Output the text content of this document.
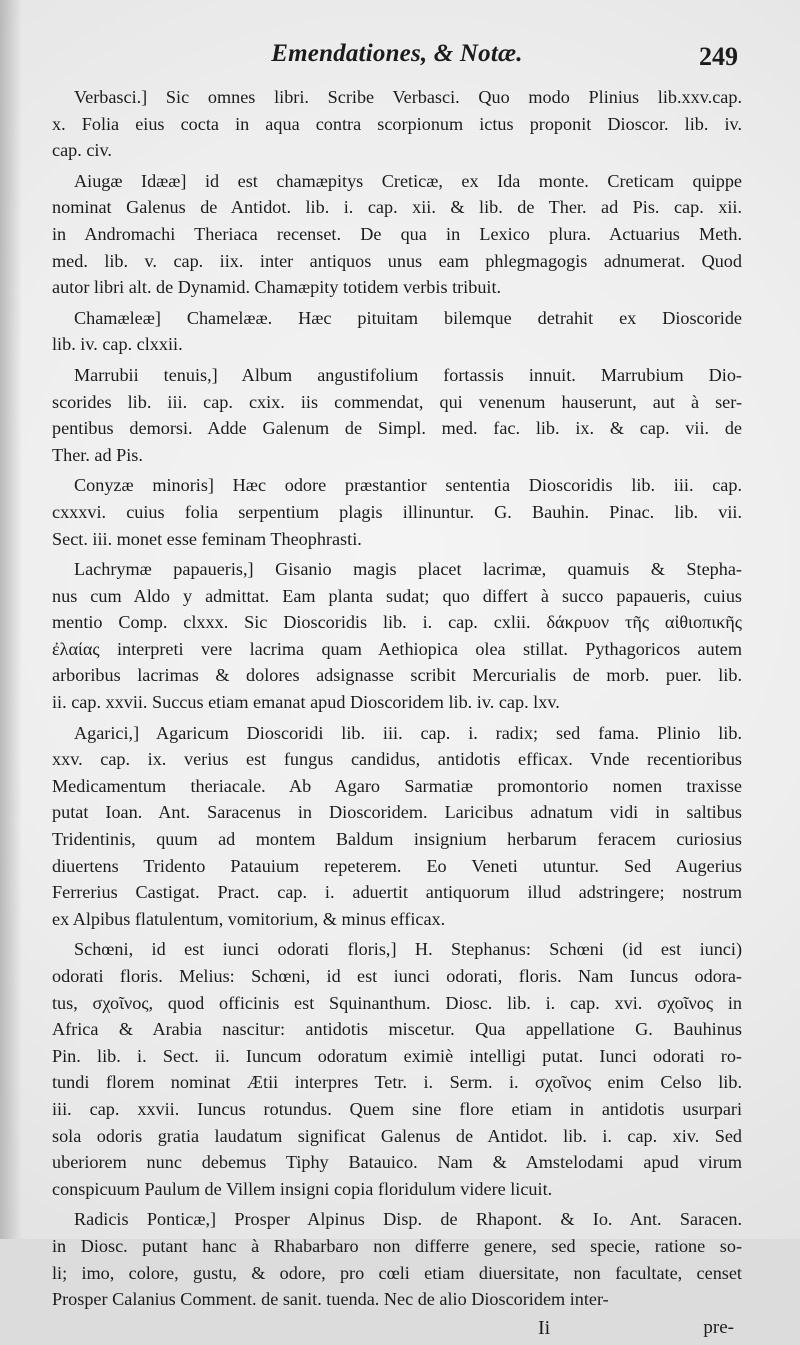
Emendationes, & Notæ.	249
Verbasci.] Sic omnes libri. Scribe Verbasci. Quo modo Plinius lib.xxv.cap.
x. Folia eius cocta in aqua contra scorpionum ictus proponit Dioscor. lib. iv.
cap. civ.
Aiugæ Idææ] id est chamæpitys Creticæ, ex Ida monte. Creticam quippe
nominat Galenus de Antidot. lib. i. cap. xii. & lib. de Ther. ad Pis. cap. xii.
in Andromachi Theriaca recenset. De qua in Lexico plura. Actuarius Meth.
med. lib. v. cap. iix. inter antiquos unus eam phlegmagogis adnumerat. Quod
autor libri alt. de Dynamid. Chamæpity totidem verbis tribuit.
Chamæleæ] Chamelææ. Hæc pituitam bilemque detrahit ex Dioscoride
lib. iv. cap. clxxii.
Marrubii tenuis,] Album angustifolium fortassis innuit. Marrubium Dio-
scorides lib. iii. cap. cxix. iis commendat, qui venenum hauserunt, aut à ser-
pentibus demorsi. Adde Galenum de Simpl. med. fac. lib. ix. & cap. vii. de
Ther. ad Pis.
Conyzæ minoris] Hæc odore præstantior sententia Dioscoridis lib. iii. cap.
cxxxvi. cuius folia serpentium plagis illinuntur. G. Bauhin. Pinac. lib. vii.
Sect. iii. monet esse feminam Theophrasti.
Lachrymæ papaueris,] Gisanio magis placet lacrimæ, quamuis & Stepha-
nus cum Aldo y admittat. Eam planta sudat; quo differt à succo papaueris, cuius
mentio Comp. clxxx. Sic Dioscoridis lib. i. cap. cxlii. δάκρυον τῆς αἰθιοπικῆς
ἐλαίας interpreti vere lacrima quam Aethiopica olea stillat. Pythagoricos autem
arboribus lacrimas & dolores adsignasse scribit Mercurialis de morb. puer. lib.
ii. cap. xxvii. Succus etiam emanat apud Dioscoridem lib. iv. cap. lxv.
Agarici,] Agaricum Dioscoridi lib. iii. cap. i. radix; sed fama. Plinio lib.
xxv. cap. ix. verius est fungus candidus, antidotis efficax. Vnde recentioribus
Medicamentum theriacale. Ab Agaro Sarmatiæ promontorio nomen traxisse
putat Ioan. Ant. Saracenus in Dioscoridem. Laricibus adnatum vidi in saltibus
Tridentinis, quum ad montem Baldum insignium herbarum feracem curiosius
diuertens Tridento Patauium repeterem. Eo Veneti utuntur. Sed Augerius
Ferrerius Castigat. Pract. cap. i. aduertit antiquorum illud adstringere; nostrum
ex Alpibus flatulentum, vomitorium, & minus efficax.
Schœni, id est iunci odorati floris,] H. Stephanus: Schœni (id est iunci)
odorati floris. Melius: Schœni, id est iunci odorati, floris. Nam Iuncus odora-
tus, σχοῖνος, quod officinis est Squinanthum. Diosc. lib. i. cap. xvi. σχοῖνος in
Africa & Arabia nascitur: antidotis miscetur. Qua appellatione G. Bauhinus
Pin. lib. i. Sect. ii. Iuncum odoratum eximiè intelligi putat. Iunci odorati ro-
tundi florem nominat Ætii interpres Tetr. i. Serm. i. σχοῖνος enim Celso lib.
iii. cap. xxvii. Iuncus rotundus. Quem sine flore etiam in antidotis usurpari
sola odoris gratia laudatum significat Galenus de Antidot. lib. i. cap. xiv. Sed
uberiorem nunc debemus Tiphy Batauico. Nam & Amstelodami apud virum
conspicuum Paulum de Villem insigni copia floridulum videre licuit.
Radicis Ponticæ,] Prosper Alpinus Disp. de Rhapont. & Io. Ant. Saracen.
in Diosc. putant hanc à Rhabarbaro non differre genere, sed specie, ratione so-
li; imo, colore, gustu, & odore, pro cœli etiam diuersitate, non facultate, censet
Prosper Calanius Comment. de sanit. tuenda. Nec de alio Dioscoridem inter-
Ii	pre-
